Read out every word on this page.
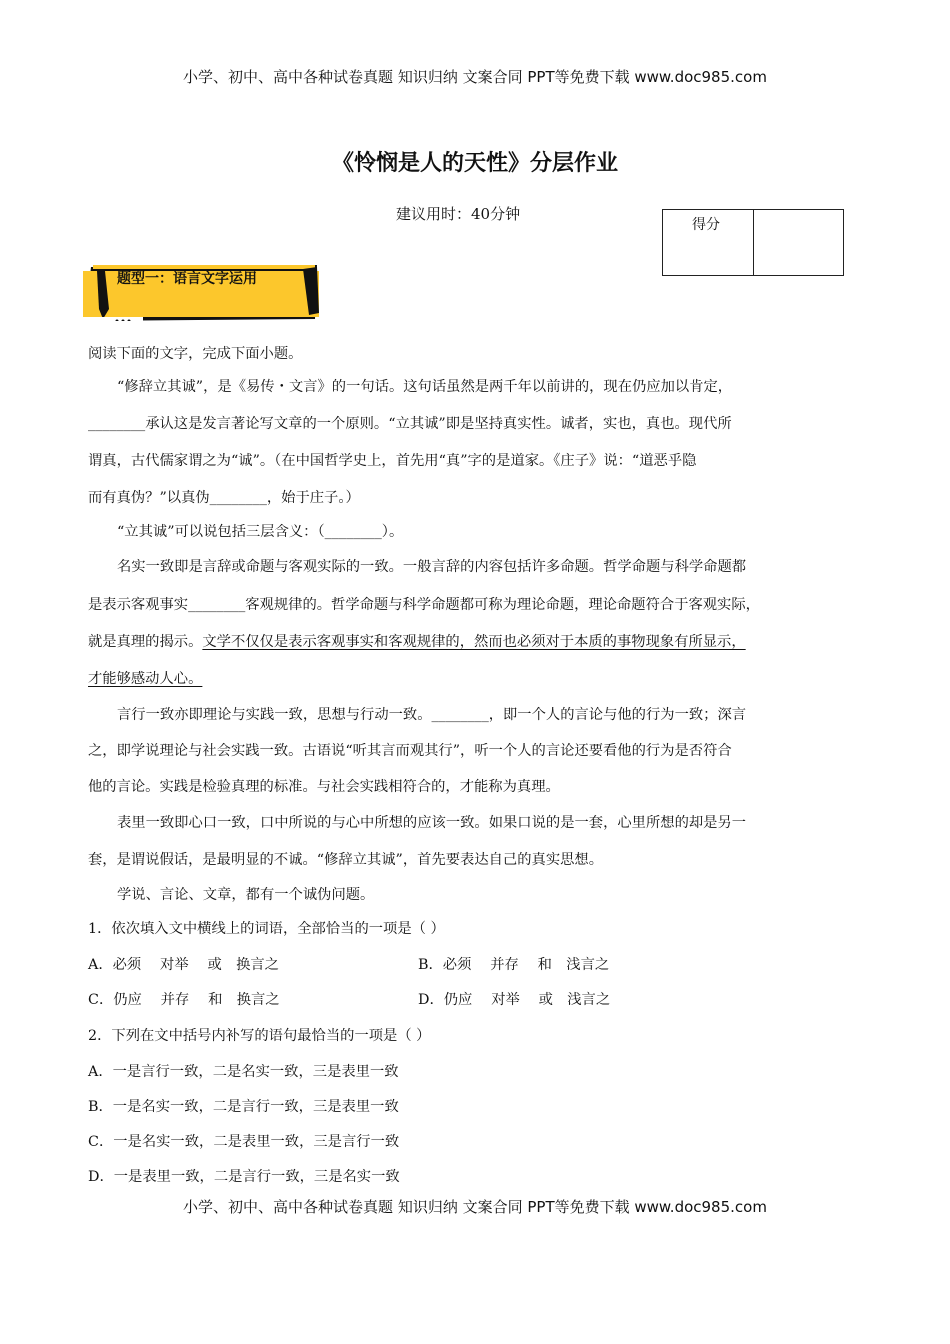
小学、初中、高中各种试卷真题 知识归纳 文案合同 PPT等免费下载 www.doc985.com
《怜悯是人的天性》分层作业
建议用时：40分钟
得分
题型一：语言文字运用
阅读下面的文字，完成下面小题。
“修辞立其诚”，是《易传・文言》的一句话。这句话虽然是两千年以前讲的，现在仍应加以肯定，
________承认这是发言著论写文章的一个原则。“立其诚”即是坚持真实性。诚者，实也，真也。现代所
谓真，古代儒家谓之为“诚”。（在中国哲学史上，首先用“真”字的是道家。《庄子》说：“道恶乎隐
而有真伪？”以真伪________，始于庄子。）
“立其诚”可以说包括三层含义：（________）。
名实一致即是言辞或命题与客观实际的一致。一般言辞的内容包括许多命题。哲学命题与科学命题都
是表示客观事实________客观规律的。哲学命题与科学命题都可称为理论命题，理论命题符合于客观实际，
就是真理的揭示。文学不仅仅是表示客观事实和客观规律的，然而也必须对于本质的事物现象有所显示，
才能够感动人心。
言行一致亦即理论与实践一致，思想与行动一致。________，即一个人的言论与他的行为一致；深言
之，即学说理论与社会实践一致。古语说“听其言而观其行”，听一个人的言论还要看他的行为是否符合
他的言论。实践是检验真理的标准。与社会实践相符合的，才能称为真理。
表里一致即心口一致，口中所说的与心中所想的应该一致。如果口说的是一套，心里所想的却是另一
套，是谓说假话，是最明显的不诚。“修辞立其诚”，首先要表达自己的真实思想。
学说、言论、文章，都有一个诚伪问题。
1．依次填入文中横线上的词语，全部恰当的一项是（ ）
A．必须　 对举　 或　换言之	B．必须　 并存　 和　浅言之
C．仍应　 并存　 和　换言之	D．仍应　 对举　 或　浅言之
2．下列在文中括号内补写的语句最恰当的一项是（ ）
A．一是言行一致，二是名实一致，三是表里一致
B．一是名实一致，二是言行一致，三是表里一致
C．一是名实一致，二是表里一致，三是言行一致
D．一是表里一致，二是言行一致，三是名实一致
小学、初中、高中各种试卷真题 知识归纳 文案合同 PPT等免费下载 www.doc985.com
